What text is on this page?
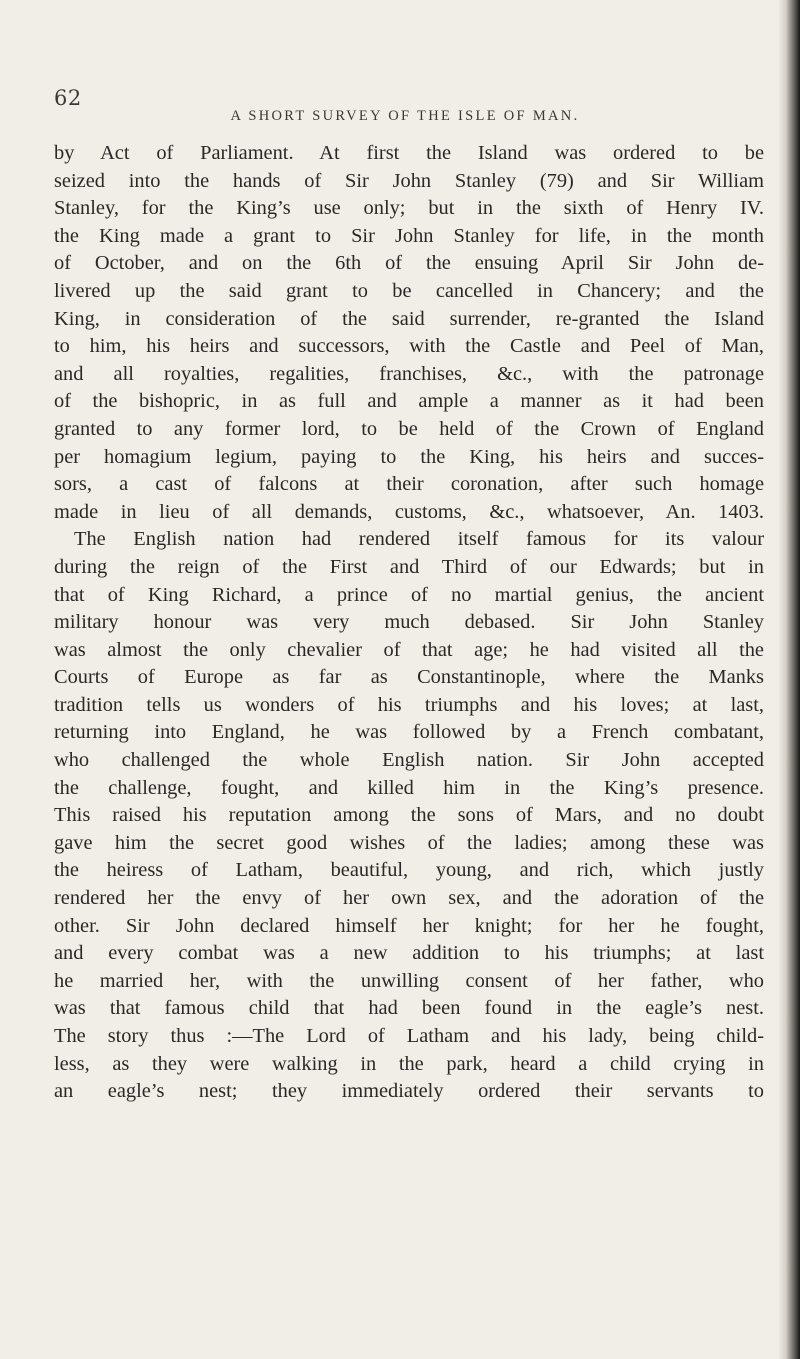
62
A SHORT SURVEY OF THE ISLE OF MAN.
by Act of Parliament. At first the Island was ordered to be
seized into the hands of Sir John Stanley (79) and Sir William
Stanley, for the King’s use only; but in the sixth of Henry IV.
the King made a grant to Sir John Stanley for life, in the month
of October, and on the 6th of the ensuing April Sir John de-
livered up the said grant to be cancelled in Chancery; and the
King, in consideration of the said surrender, re-granted the Island
to him, his heirs and successors, with the Castle and Peel of Man,
and all royalties, regalities, franchises, &c., with the patronage
of the bishopric, in as full and ample a manner as it had been
granted to any former lord, to be held of the Crown of England
per homagium legium, paying to the King, his heirs and succes-
sors, a cast of falcons at their coronation, after such homage
made in lieu of all demands, customs, &c., whatsoever, An. 1403.
The English nation had rendered itself famous for its valour
during the reign of the First and Third of our Edwards; but in
that of King Richard, a prince of no martial genius, the ancient
military honour was very much debased. Sir John Stanley
was almost the only chevalier of that age; he had visited all the
Courts of Europe as far as Constantinople, where the Manks
tradition tells us wonders of his triumphs and his loves; at last,
returning into England, he was followed by a French combatant,
who challenged the whole English nation. Sir John accepted
the challenge, fought, and killed him in the King’s presence.
This raised his reputation among the sons of Mars, and no doubt
gave him the secret good wishes of the ladies; among these was
the heiress of Latham, beautiful, young, and rich, which justly
rendered her the envy of her own sex, and the adoration of the
other. Sir John declared himself her knight; for her he fought,
and every combat was a new addition to his triumphs; at last
he married her, with the unwilling consent of her father, who
was that famous child that had been found in the eagle’s nest.
The story thus :—The Lord of Latham and his lady, being child-
less, as they were walking in the park, heard a child crying in
an eagle’s nest; they immediately ordered their servants to
